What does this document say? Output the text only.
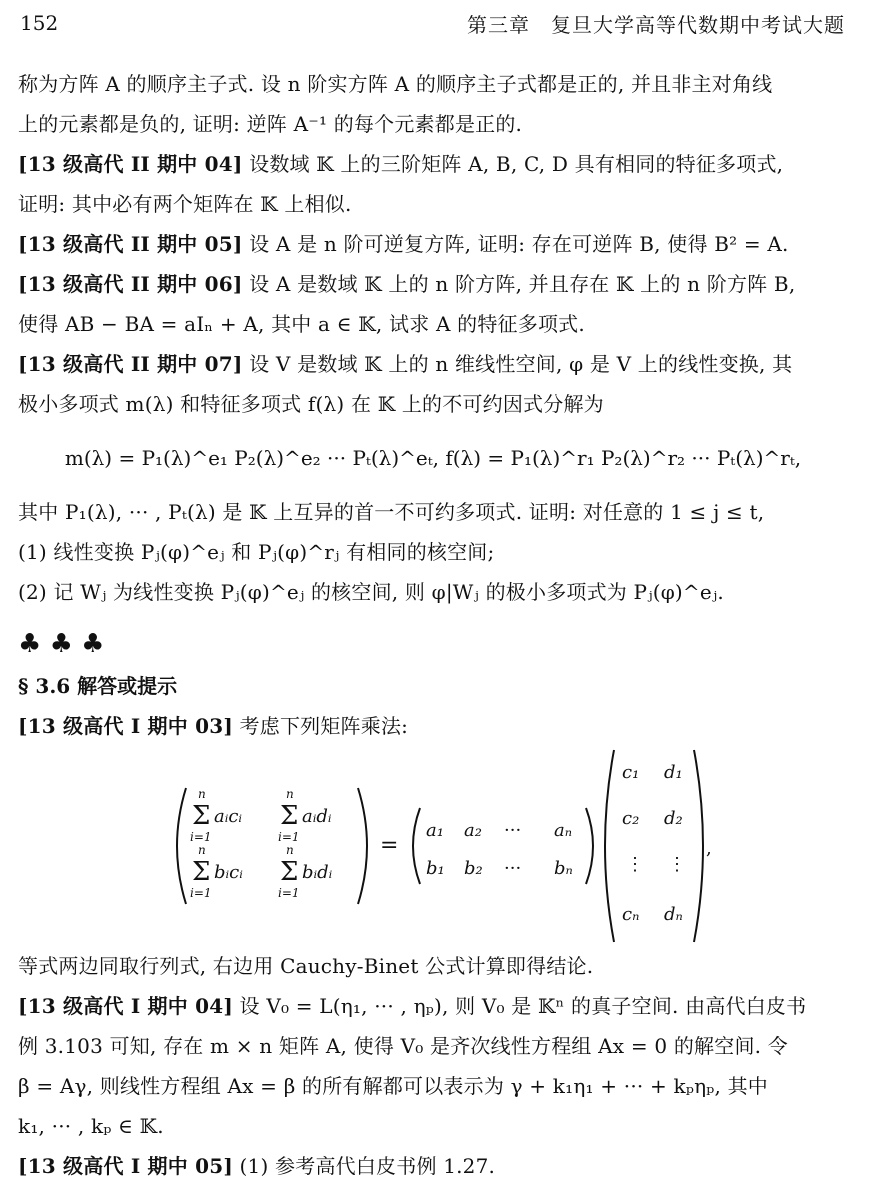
152	第三章　复旦大学高等代数期中考试大题
称为方阵 A 的顺序主子式. 设 n 阶实方阵 A 的顺序主子式都是正的, 并且非主对角线
上的元素都是负的, 证明: 逆阵 A⁻¹ 的每个元素都是正的.
[13 级高代 II 期中 04] 设数域 𝕂 上的三阶矩阵 A, B, C, D 具有相同的特征多项式,
证明: 其中必有两个矩阵在 𝕂 上相似.
[13 级高代 II 期中 05] 设 A 是 n 阶可逆复方阵, 证明: 存在可逆阵 B, 使得 B² = A.
[13 级高代 II 期中 06] 设 A 是数域 𝕂 上的 n 阶方阵, 并且存在 𝕂 上的 n 阶方阵 B,
使得 AB − BA = aIₙ + A, 其中 a ∈ 𝕂, 试求 A 的特征多项式.
[13 级高代 II 期中 07] 设 V 是数域 𝕂 上的 n 维线性空间, φ 是 V 上的线性变换, 其
极小多项式 m(λ) 和特征多项式 f(λ) 在 𝕂 上的不可约因式分解为
m(λ) = P₁(λ)^e₁ P₂(λ)^e₂ ··· Pₜ(λ)^eₜ, f(λ) = P₁(λ)^r₁ P₂(λ)^r₂ ··· Pₜ(λ)^rₜ,
其中 P₁(λ), ··· , Pₜ(λ) 是 𝕂 上互异的首一不可约多项式. 证明: 对任意的 1 ≤ j ≤ t,
(1) 线性变换 Pⱼ(φ)^eⱼ 和 Pⱼ(φ)^rⱼ 有相同的核空间;
(2) 记 Wⱼ 为线性变换 Pⱼ(φ)^eⱼ 的核空间, 则 φ|Wⱼ 的极小多项式为 Pⱼ(φ)^eⱼ.
♣ ♣ ♣
§ 3.6 解答或提示
[13 级高代 I 期中 03] 考虑下列矩阵乘法:
n
Σ
i=1
aᵢcᵢ
n
Σ
i=1
aᵢdᵢ
n
Σ
i=1
bᵢcᵢ
n
Σ
i=1
bᵢdᵢ
=
a₁ a₂ ··· aₙ
b₁ b₂ ··· bₙ
c₁ d₁
c₂ d₂
⋮ ⋮
cₙ dₙ
,
等式两边同取行列式, 右边用 Cauchy-Binet 公式计算即得结论.
[13 级高代 I 期中 04] 设 V₀ = L(η₁, ··· , ηₚ), 则 V₀ 是 𝕂ⁿ 的真子空间. 由高代白皮书
例 3.103 可知, 存在 m × n 矩阵 A, 使得 V₀ 是齐次线性方程组 Ax = 0 的解空间. 令
β = Aγ, 则线性方程组 Ax = β 的所有解都可以表示为 γ + k₁η₁ + ··· + kₚηₚ, 其中
k₁, ··· , kₚ ∈ 𝕂.
[13 级高代 I 期中 05] (1) 参考高代白皮书例 1.27.
